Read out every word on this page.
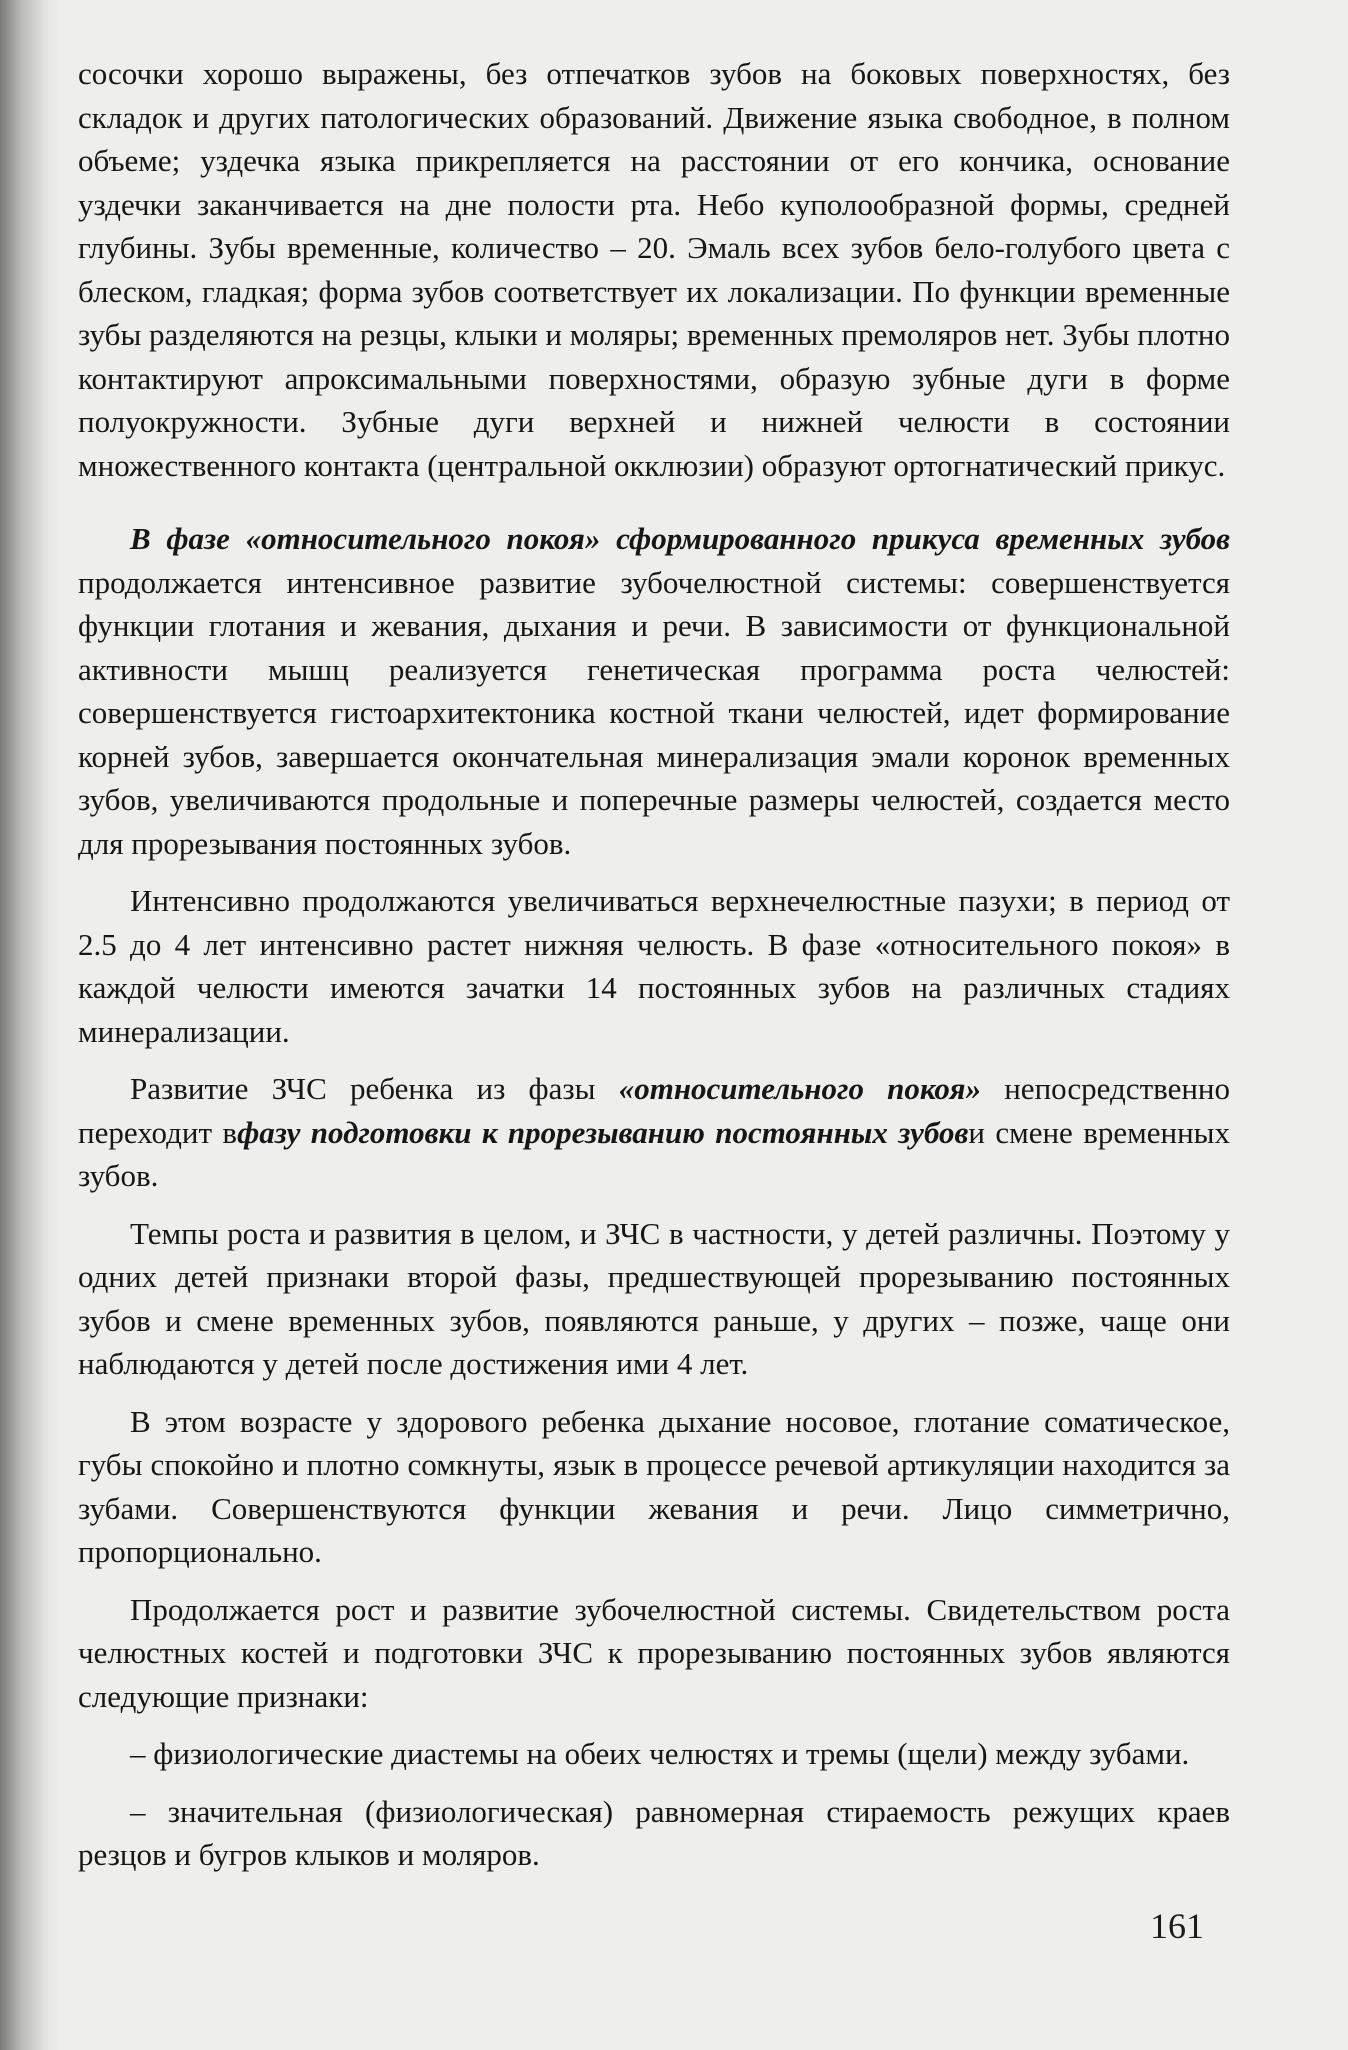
сосочки хорошо выражены, без отпечатков зубов на боковых поверхностях, без складок и других патологических образований. Движение языка свободное, в полном объеме; уздечка языка прикрепляется на расстоянии от его кончика, основание уздечки заканчивается на дне полости рта. Небо куполообразной формы, средней глубины. Зубы временные, количество – 20. Эмаль всех зубов бело-голубого цвета с блеском, гладкая; форма зубов соответствует их локализации. По функции временные зубы разделяются на резцы, клыки и моляры; временных премоляров нет. Зубы плотно контактируют апроксимальными поверхностями, образую зубные дуги в форме полуокружности. Зубные дуги верхней и нижней челюсти в состоянии множественного контакта (центральной окклюзии) образуют ортогнатический прикус.

В фазе «относительного покоя» сформированного прикуса временных зубов продолжается интенсивное развитие зубочелюстной системы: совершенствуется функции глотания и жевания, дыхания и речи. В зависимости от функциональной активности мышц реализуется генетическая программа роста челюстей: совершенствуется гистоархитектоника костной ткани челюстей, идет формирование корней зубов, завершается окончательная минерализация эмали коронок временных зубов, увеличиваются продольные и поперечные размеры челюстей, создается место для прорезывания постоянных зубов.

Интенсивно продолжаются увеличиваться верхнечелюстные пазухи; в период от 2.5 до 4 лет интенсивно растет нижняя челюсть. В фазе «относительного покоя» в каждой челюсти имеются зачатки 14 постоянных зубов на различных стадиях минерализации.

Развитие ЗЧС ребенка из фазы «относительного покоя» непосредственно переходит вфазу подготовки к прорезыванию постоянных зубови смене временных зубов.

Темпы роста и развития в целом, и ЗЧС в частности, у детей различны. Поэтому у одних детей признаки второй фазы, предшествующей прорезыванию постоянных зубов и смене временных зубов, появляются раньше, у других – позже, чаще они наблюдаются у детей после достижения ими 4 лет.

В этом возрасте у здорового ребенка дыхание носовое, глотание соматическое, губы спокойно и плотно сомкнуты, язык в процессе речевой артикуляции находится за зубами. Совершенствуются функции жевания и речи. Лицо симметрично, пропорционально.

Продолжается рост и развитие зубочелюстной системы. Свидетельством роста челюстных костей и подготовки ЗЧС к прорезыванию постоянных зубов являются следующие признаки:

– физиологические диастемы на обеих челюстях и тремы (щели) между зубами.

– значительная (физиологическая) равномерная стираемость режущих краев резцов и бугров клыков и моляров.

161
